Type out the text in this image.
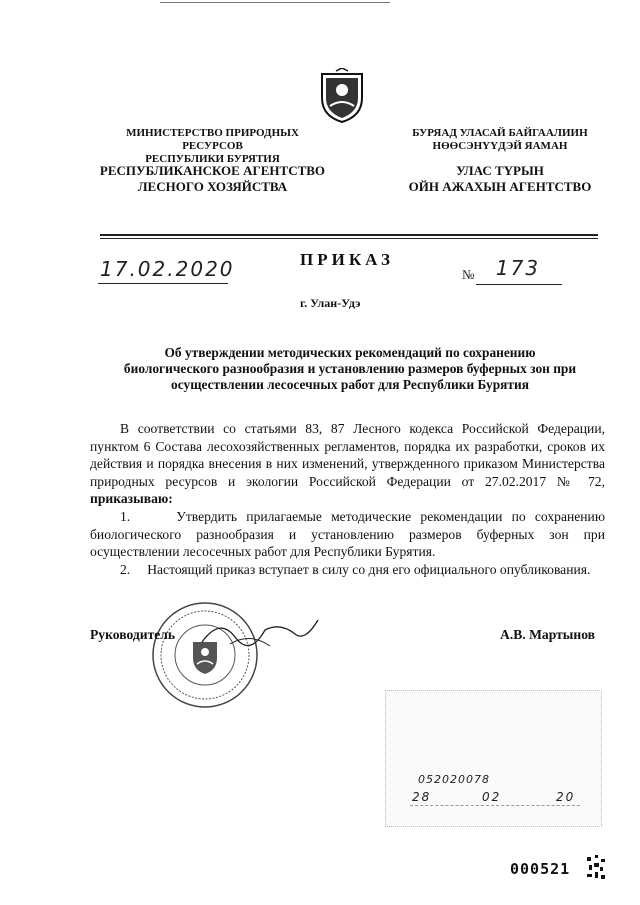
МИНИСТЕРСТВО ПРИРОДНЫХ РЕСУРСОВ
РЕСПУБЛИКИ БУРЯТИЯ
БУРЯАД УЛАСАЙ БАЙГААЛИИН
НӨӨСЭНҮҮДЭЙ ЯАМАН
РЕСПУБЛИКАНСКОЕ АГЕНТСТВО
ЛЕСНОГО ХОЗЯЙСТВА
УЛАС ТҮРЫН
ОЙН АЖАХЫН АГЕНТСТВО
17.02.2020	ПРИКАЗ
№	173
г. Улан-Удэ
Об утверждении методических рекомендаций по сохранению
биологического разнообразия и установлению размеров буферных зон при
осуществлении лесосечных работ для Республики Бурятия

В соответствии со статьями 83, 87 Лесного кодекса Российской Федерации, пунктом 6 Состава лесохозяйственных регламентов, порядка их разработки, сроков их действия и порядка внесения в них изменений, утвержденного приказом Министерства природных ресурсов и экологии Российской Федерации от 27.02.2017 № 72, приказываю:

1.     Утвердить прилагаемые методические рекомендации по сохранению биологического разнообразия и установлению размеров буферных зон при осуществлении лесосечных работ для Республики Бурятия.

2.     Настоящий приказ вступает в силу со дня его официального опубликования.

Руководитель	А.В. Мартынов
052020078
28	02	20
000521
